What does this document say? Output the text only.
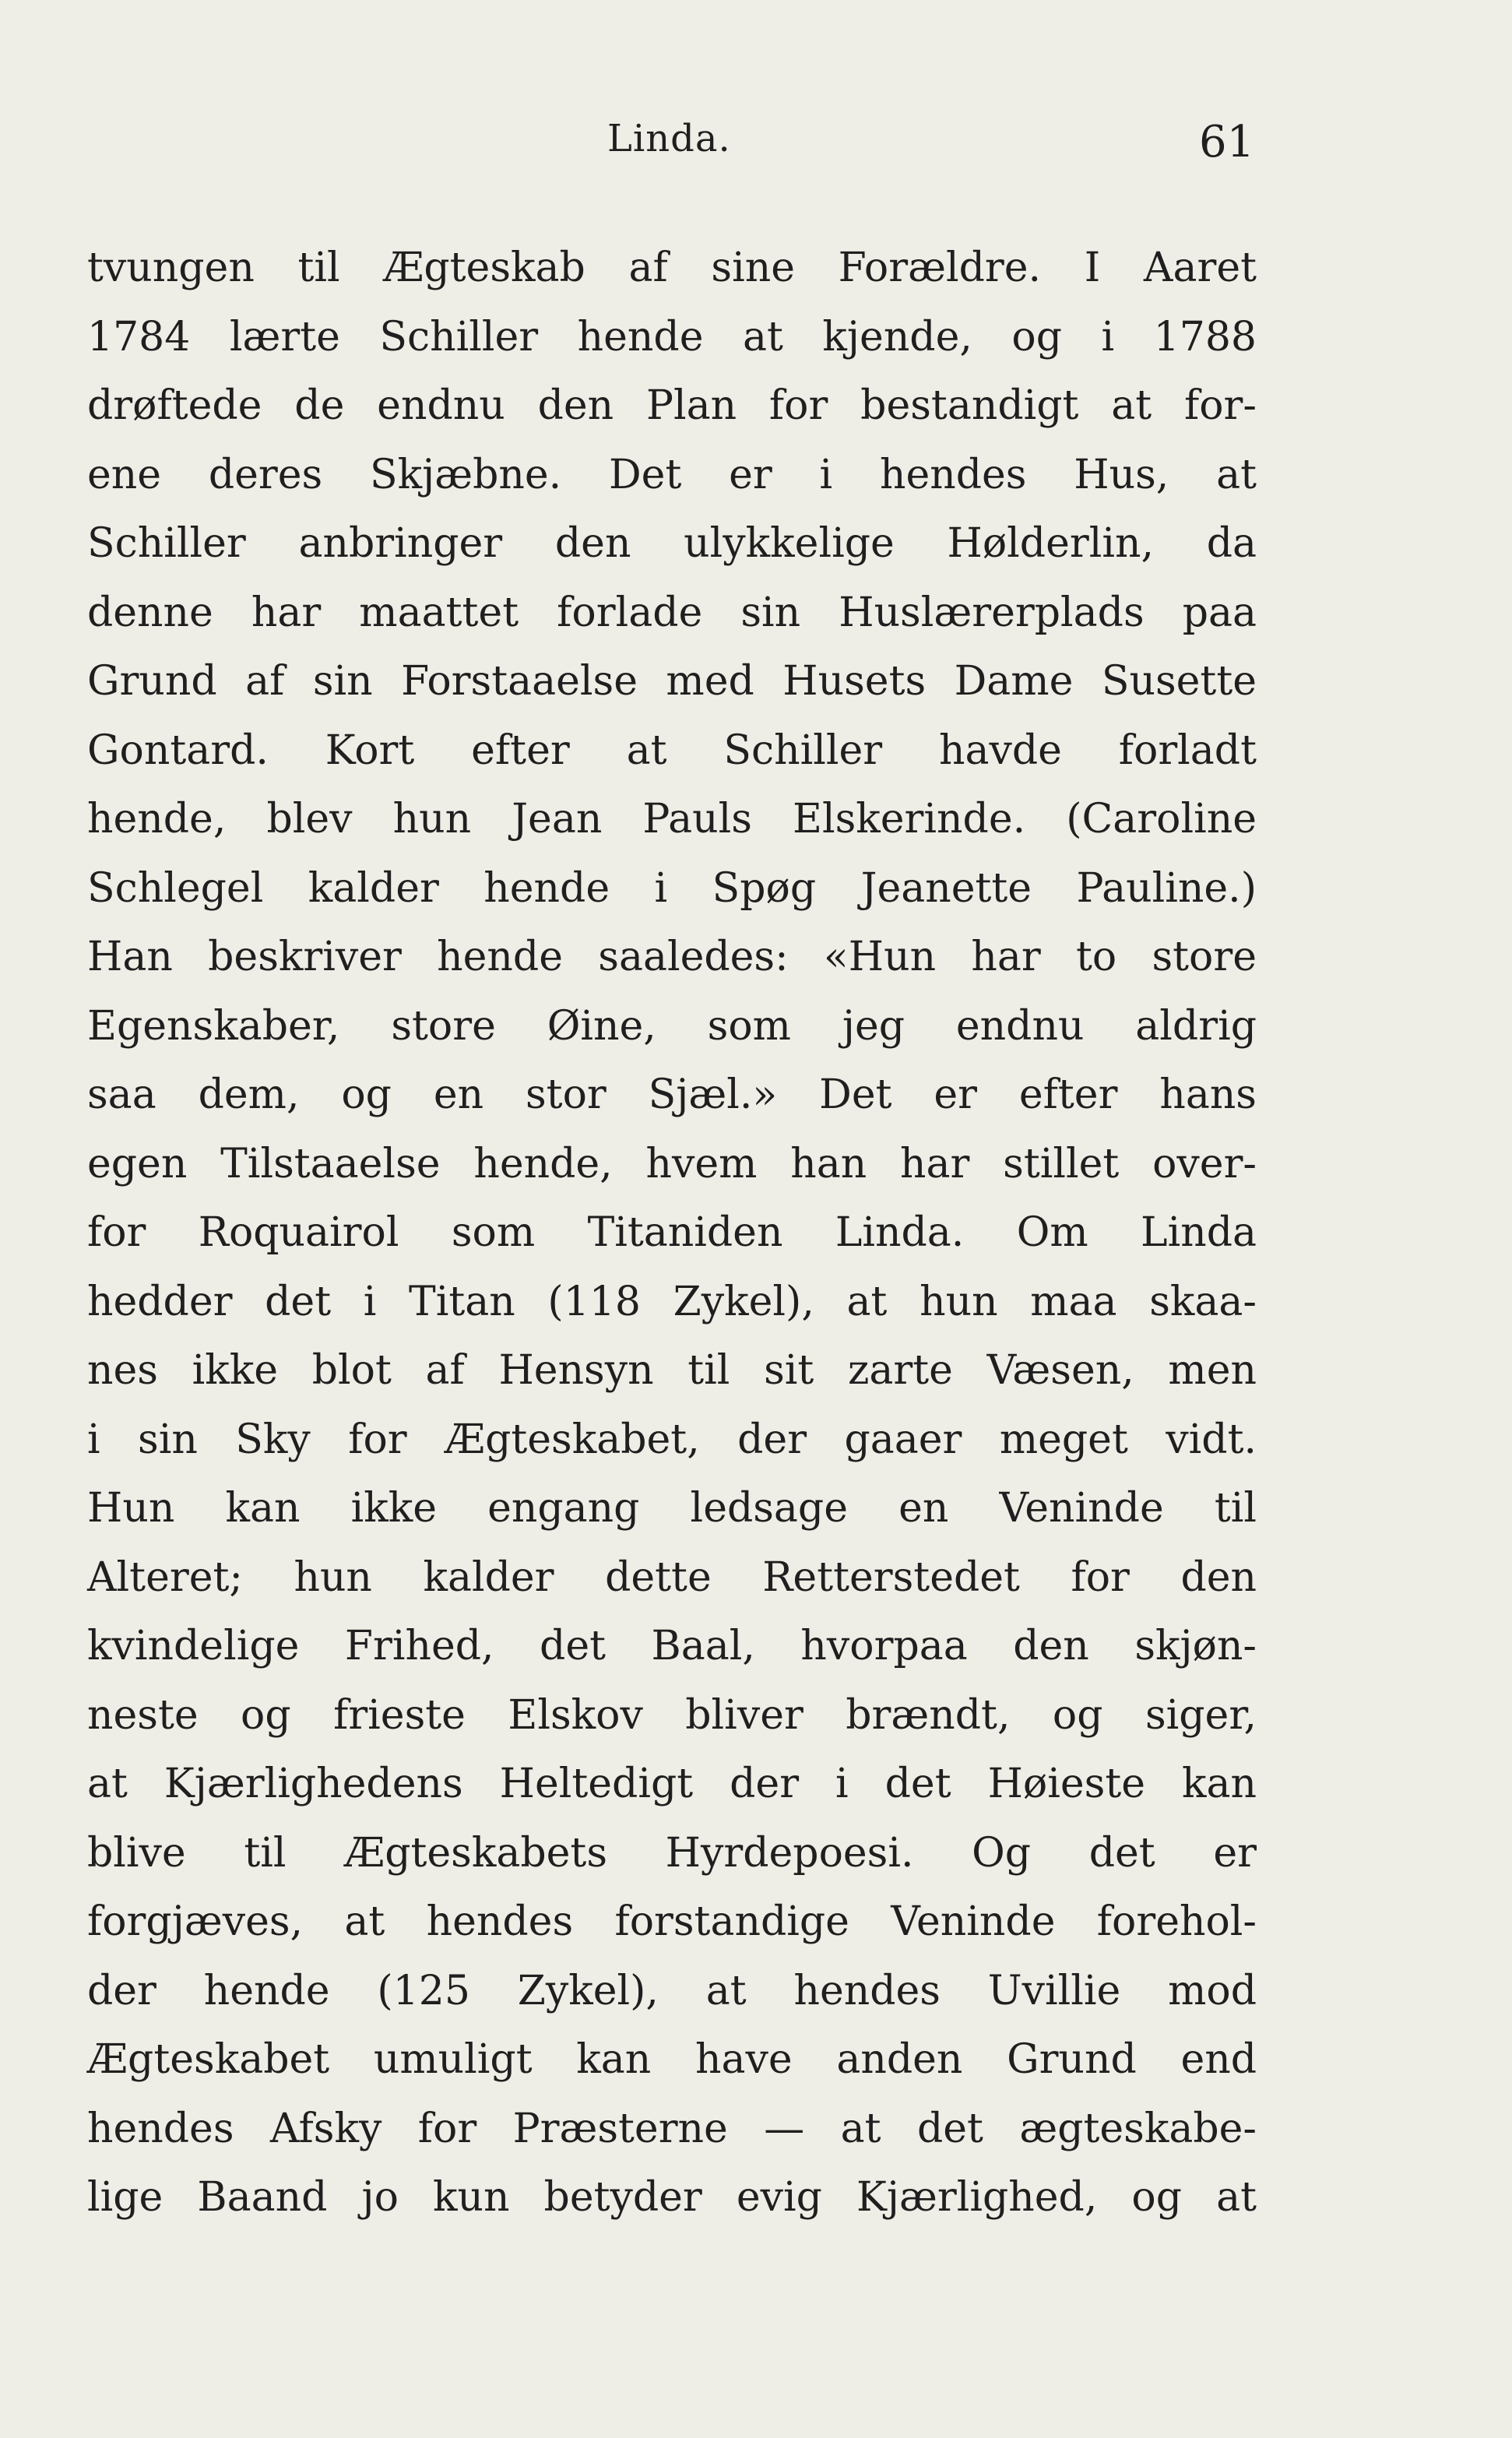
Linda.	61
tvungen til Ægteskab af sine Forældre. I Aaret
1784 lærte Schiller hende at kjende, og i 1788
drøftede de endnu den Plan for bestandigt at for-
ene deres Skjæbne. Det er i hendes Hus, at
Schiller anbringer den ulykkelige Hølderlin, da
denne har maattet forlade sin Huslærerplads paa
Grund af sin Forstaaelse med Husets Dame Susette
Gontard. Kort efter at Schiller havde forladt
hende, blev hun Jean Pauls Elskerinde. (Caroline
Schlegel kalder hende i Spøg Jeanette Pauline.)
Han beskriver hende saaledes: «Hun har to store
Egenskaber, store Øine, som jeg endnu aldrig
saa dem, og en stor Sjæl.» Det er efter hans
egen Tilstaaelse hende, hvem han har stillet over-
for Roquairol som Titaniden Linda. Om Linda
hedder det i Titan (118 Zykel), at hun maa skaa-
nes ikke blot af Hensyn til sit zarte Væsen, men
i sin Sky for Ægteskabet, der gaaer meget vidt.
Hun kan ikke engang ledsage en Veninde til
Alteret; hun kalder dette Retterstedet for den
kvindelige Frihed, det Baal, hvorpaa den skjøn-
neste og frieste Elskov bliver brændt, og siger,
at Kjærlighedens Heltedigt der i det Høieste kan
blive til Ægteskabets Hyrdepoesi. Og det er
forgjæves, at hendes forstandige Veninde forehol-
der hende (125 Zykel), at hendes Uvillie mod
Ægteskabet umuligt kan have anden Grund end
hendes Afsky for Præsterne — at det ægteskabe-
lige Baand jo kun betyder evig Kjærlighed, og at
